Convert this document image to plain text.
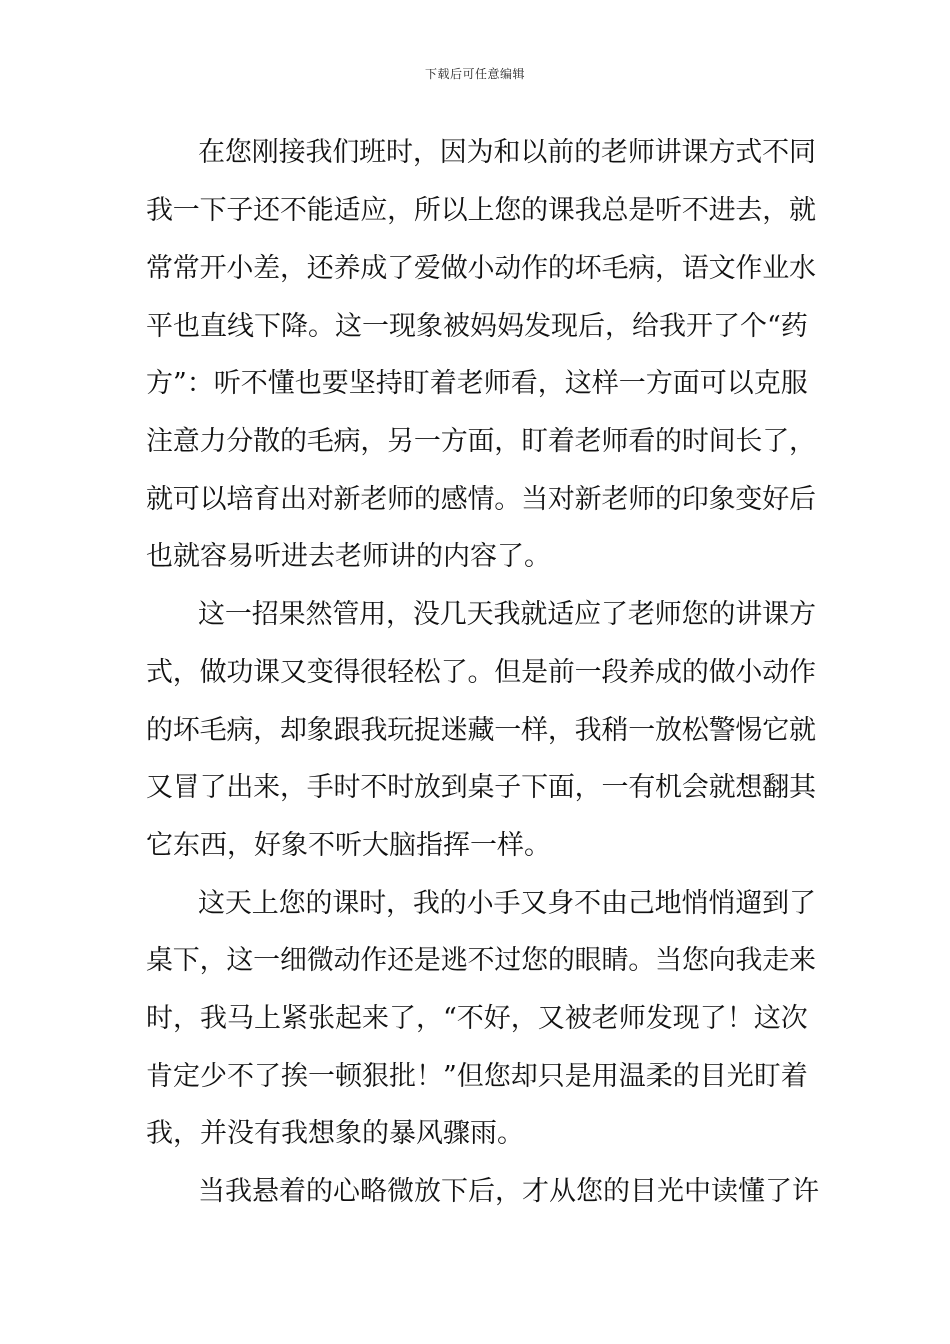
下载后可任意编辑
在您刚接我们班时，因为和以前的老师讲课方式不同
我一下子还不能适应，所以上您的课我总是听不进去，就
常常开小差，还养成了爱做小动作的坏毛病，语文作业水
平也直线下降。这一现象被妈妈发现后，给我开了个“药
方”：听不懂也要坚持盯着老师看，这样一方面可以克服
注意力分散的毛病，另一方面，盯着老师看的时间长了，
就可以培育出对新老师的感情。当对新老师的印象变好后
也就容易听进去老师讲的内容了。
这一招果然管用，没几天我就适应了老师您的讲课方
式，做功课又变得很轻松了。但是前一段养成的做小动作
的坏毛病，却象跟我玩捉迷藏一样，我稍一放松警惕它就
又冒了出来，手时不时放到桌子下面，一有机会就想翻其
它东西，好象不听大脑指挥一样。
这天上您的课时，我的小手又身不由己地悄悄遛到了
桌下，这一细微动作还是逃不过您的眼睛。当您向我走来
时，我马上紧张起来了，“不好，又被老师发现了！这次
肯定少不了挨一顿狠批！”但您却只是用温柔的目光盯着
我，并没有我想象的暴风骤雨。
当我悬着的心略微放下后，才从您的目光中读懂了许
